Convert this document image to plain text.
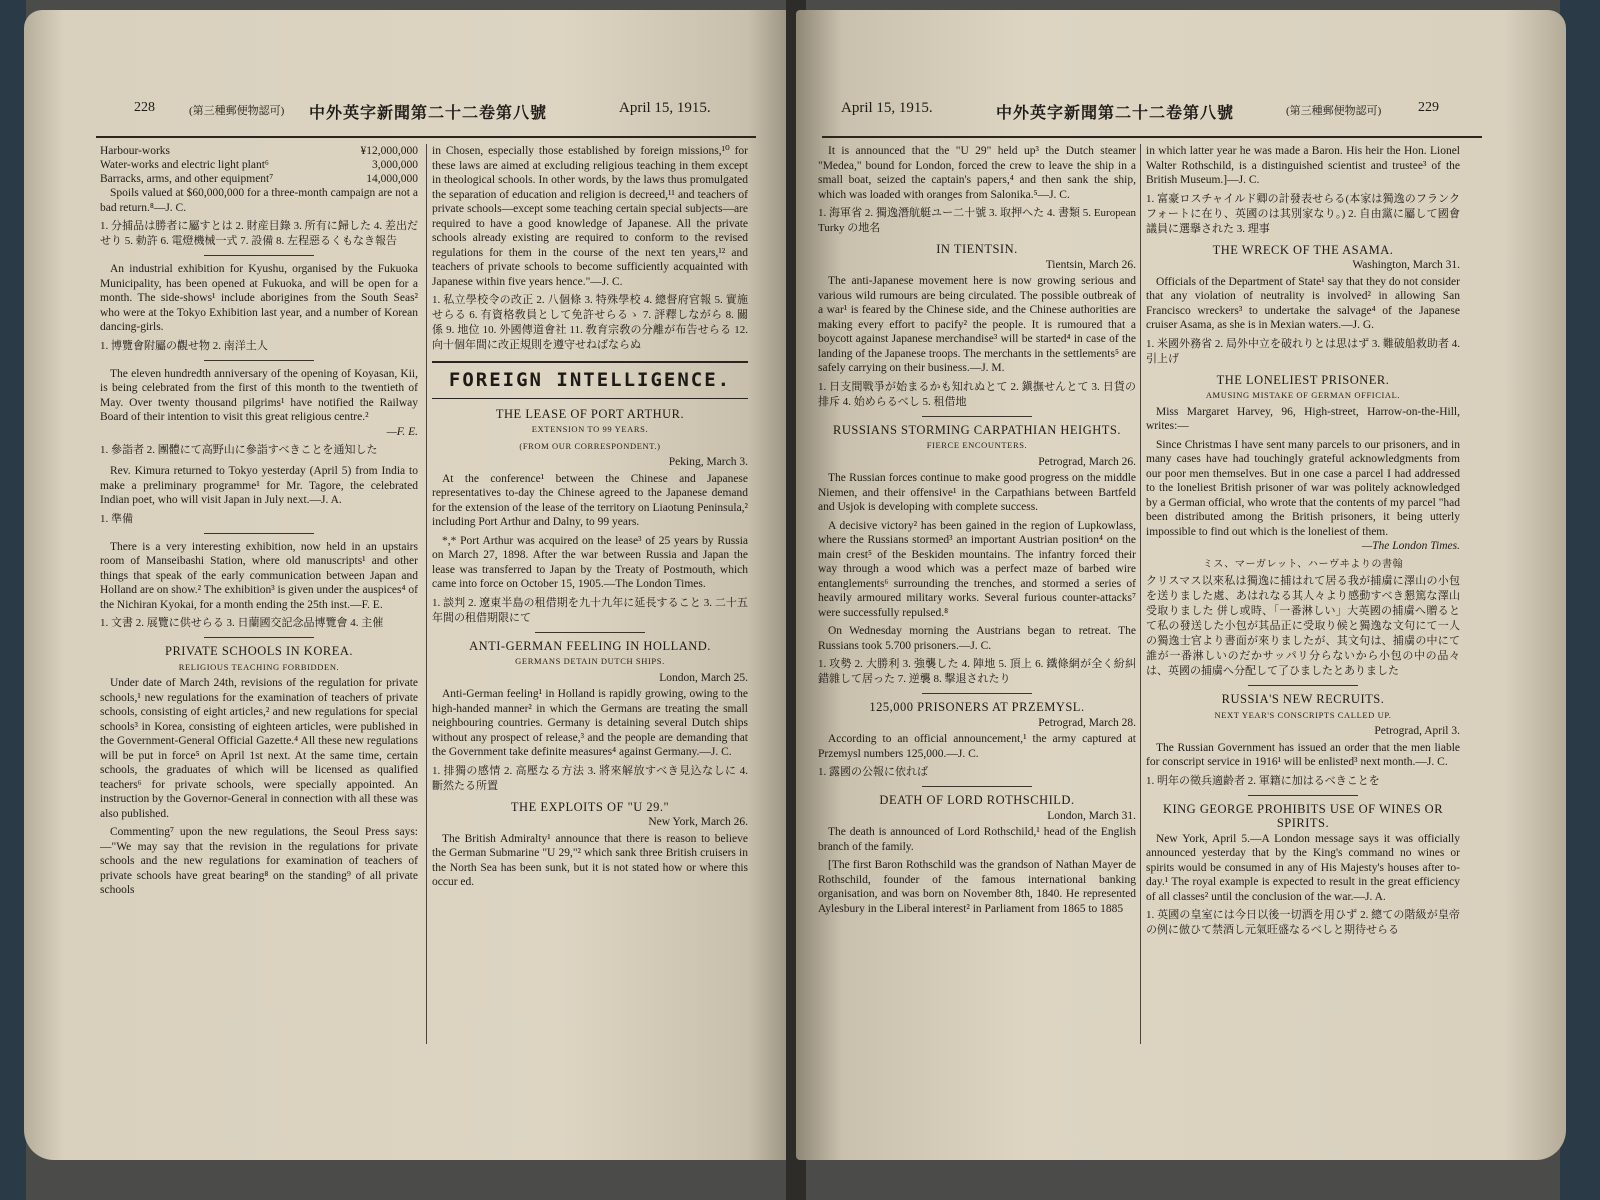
228	(第三種郵便物認可) 中外英字新聞第二十二卷第八號	April 15, 1915.
Harbour-works	¥12,000,000
Water-works and electric light plant⁶	3,000,000
Barracks, arms, and other equipment⁷	14,000,000

Spoils valued at $60,000,000 for a three-month campaign are not a bad return.⁸—J. C.

1. 分捕品は勝者に屬すとは 2. 財産目錄 3. 所有に歸した 4. 差出だせり 5. 勅許 6. 電燈機械一式 7. 設備 8. 左程惡るくもなき報告

An industrial exhibition for Kyushu, organised by the Fukuoka Municipality, has been opened at Fukuoka, and will be open for a month. The side-shows¹ include aborigines from the South Seas² who were at the Tokyo Exhibition last year, and a number of Korean dancing-girls.

1. 博覽會附屬の觀せ物 2. 南洋土人

The eleven hundredth anniversary of the opening of Koyasan, Kii, is being celebrated from the first of this month to the twentieth of May. Over twenty thousand pilgrims¹ have notified the Railway Board of their intention to visit this great religious centre.²

—F. E.

1. 參詣者 2. 團體にて高野山に參詣すべきことを通知した

Rev. Kimura returned to Tokyo yesterday (April 5) from India to make a preliminary programme¹ for Mr. Tagore, the celebrated Indian poet, who will visit Japan in July next.—J. A.

1. 準備

There is a very interesting exhibition, now held in an upstairs room of Manseibashi Station, where old manuscripts¹ and other things that speak of the early communication between Japan and Holland are on show.² The exhibition³ is given under the auspices⁴ of the Nichiran Kyokai, for a month ending the 25th inst.—F. E.

1. 文書 2. 展覽に供せらる 3. 日蘭國交記念品博覽會 4. 主催

PRIVATE SCHOOLS IN KOREA.
RELIGIOUS TEACHING FORBIDDEN.

Under date of March 24th, revisions of the regulation for private schools,¹ new regulations for the examination of teachers of private schools, consisting of eight articles,² and new regulations for special schools³ in Korea, consisting of eighteen articles, were published in the Government-General Official Gazette.⁴ All these new regulations will be put in force⁵ on April 1st next. At the same time, certain schools, the graduates of which will be licensed as qualified teachers⁶ for private schools, were specially appointed. An instruction by the Governor-General in connection with all these was also published.

Commenting⁷ upon the new regulations, the Seoul Press says:—"We may say that the revision in the regulations for private schools and the new regulations for examination of teachers of private schools have great bearing⁸ on the standing⁹ of all private schools

in Chosen, especially those established by foreign missions,¹⁰ for these laws are aimed at excluding religious teaching in them except in theological schools. In other words, by the laws thus promulgated the separation of education and religion is decreed,¹¹ and teachers of private schools—except some teaching certain special subjects—are required to have a good knowledge of Japanese. All the private schools already existing are required to conform to the revised regulations for them in the course of the next ten years,¹² and teachers of private schools to become sufficiently acquainted with Japanese within five years hence."—J. C.

1. 私立學校令の改正 2. 八個條 3. 特殊學校 4. 總督府官報 5. 實施せらる 6. 有資格敎員として免許せらるゝ 7. 評釋しながら 8. 關係 9. 地位 10. 外國傳道會社 11. 敎育宗敎の分離が布告せらる 12. 向十個年間に改正規則を遵守せねばならぬ

FOREIGN INTELLIGENCE.
THE LEASE OF PORT ARTHUR.
EXTENSION TO 99 YEARS.
(FROM OUR CORRESPONDENT.)
Peking, March 3.

At the conference¹ between the Chinese and Japanese representatives to-day the Chinese agreed to the Japanese demand for the extension of the lease of the territory on Liaotung Peninsula,² including Port Arthur and Dalny, to 99 years.

*,* Port Arthur was acquired on the lease³ of 25 years by Russia on March 27, 1898. After the war between Russia and Japan the lease was transferred to Japan by the Treaty of Postmouth, which came into force on October 15, 1905.—The London Times.

1. 談判 2. 遼東半島の租借期を九十九年に延長すること 3. 二十五年間の租借期限にて

ANTI-GERMAN FEELING IN HOLLAND.
GERMANS DETAIN DUTCH SHIPS.
London, March 25.

Anti-German feeling¹ in Holland is rapidly growing, owing to the high-handed manner² in which the Germans are treating the small neighbouring countries. Germany is detaining several Dutch ships without any prospect of release,³ and the people are demanding that the Government take definite measures⁴ against Germany.—J. C.

1. 排獨の感情 2. 高壓なる方法 3. 將來解放すべき見込なしに 4. 斷然たる所置

THE EXPLOITS OF "U 29."
New York, March 26.

The British Admiralty¹ announce that there is reason to believe the German Submarine "U 29,"² which sank three British cruisers in the North Sea has been sunk, but it is not stated how or where this occur ed.

April 15, 1915.	中外英字新聞第二十二卷第八號	(第三種郵便物認可)	229

It is announced that the "U 29" held up³ the Dutch steamer "Medea," bound for London, forced the crew to leave the ship in a small boat, seized the captain's papers,⁴ and then sank the ship, which was loaded with oranges from Salonika.⁵—J. C.

1. 海軍省 2. 獨逸潛航艇ユー二十號 3. 取押へた 4. 書類 5. European Turky の地名

IN TIENTSIN.
Tientsin, March 26.

The anti-Japanese movement here is now growing serious and various wild rumours are being circulated. The possible outbreak of a war¹ is feared by the Chinese side, and the Chinese authorities are making every effort to pacify² the people. It is rumoured that a boycott against Japanese merchandise³ will be started⁴ in case of the landing of the Japanese troops. The merchants in the settlements⁵ are safely carrying on their business.—J. M.

1. 日支間戰爭が始まるかも知れぬとて 2. 鎭撫せんとて 3. 日貨の排斥 4. 始めらるべし 5. 租借地

RUSSIANS STORMING CARPATHIAN HEIGHTS.
FIERCE ENCOUNTERS.
Petrograd, March 26.

The Russian forces continue to make good progress on the middle Niemen, and their offensive¹ in the Carpathians between Bartfeld and Usjok is developing with complete success.

A decisive victory² has been gained in the region of Lupkowlass, where the Russians stormed³ an important Austrian position⁴ on the main crest⁵ of the Beskiden mountains. The infantry forced their way through a wood which was a perfect maze of barbed wire entanglements⁶ surrounding the trenches, and stormed a series of heavily armoured military works. Several furious counter-attacks⁷ were successfully repulsed.⁸

On Wednesday morning the Austrians began to retreat. The Russians took 5.700 prisoners.—J. C.

1. 攻勢 2. 大勝利 3. 強襲した 4. 陣地 5. 頂上 6. 鐵條網が全く紛糾錯雜して居った 7. 逆襲 8. 擊退されたり

125,000 PRISONERS AT PRZEMYSL.
Petrograd, March 28.

According to an official announcement,¹ the army captured at Przemysl numbers 125,000.—J. C.

1. 露國の公報に依れば

DEATH OF LORD ROTHSCHILD.
London, March 31.

The death is announced of Lord Rothschild,¹ head of the English branch of the family.

[The first Baron Rothschild was the grandson of Nathan Mayer de Rothschild, founder of the famous international banking organisation, and was born on November 8th, 1840. He represented Aylesbury in the Liberal interest² in Parliament from 1865 to 1885

in which latter year he was made a Baron. His heir the Hon. Lionel Walter Rothschild, is a distinguished scientist and trustee³ of the British Museum.]—J. C.

1. 富豪ロスチャイルド卿の計發表せらる(本家は獨逸のフランクフォートに在り、英國のは其別家なり。) 2. 自由黨に屬して國會議員に選擧された 3. 理事

THE WRECK OF THE ASAMA.
Washington, March 31.

Officials of the Department of State¹ say that they do not consider that any violation of neutrality is involved² in allowing San Francisco wreckers³ to undertake the salvage⁴ of the Japanese cruiser Asama, as she is in Mexian waters.—J. G.

1. 米國外務省 2. 局外中立を破れりとは思はず 3. 難破船救助者 4. 引上げ

THE LONELIEST PRISONER.
AMUSING MISTAKE OF GERMAN OFFICIAL.

Miss Margaret Harvey, 96, High-street, Harrow-on-the-Hill, writes:—

Since Christmas I have sent many parcels to our prisoners, and in many cases have had touchingly grateful acknowledgments from our poor men themselves. But in one case a parcel I had addressed to the loneliest British prisoner of war was politely acknowledged by a German official, who wrote that the contents of my parcel "had been distributed among the British prisoners, it being utterly impossible to find out which is the loneliest of them.

—The London Times.
ミス、マーガレット、ハーヴヰよりの書翰

クリスマス以來私は獨逸に捕はれて居る我が捕虜に澤山の小包を送りました處、あはれなる其人々より感動すべき懇篤な澤山受取りました 併し或時、「一番淋しい」大英國の捕虜へ贈るとて私の發送した小包が其品正に受取り候と獨逸な文句にて一人の獨逸士官より書面が來りましたが、其文句は、捕虜の中にて誰が一番淋しいのだかサッパリ分らないから小包の中の品々は、英國の捕虜へ分配して了ひましたとありました

RUSSIA'S NEW RECRUITS.
NEXT YEAR'S CONSCRIPTS CALLED UP.
Petrograd, April 3.

The Russian Government has issued an order that the men liable for conscript service in 1916¹ will be enlisted³ next month.—J. C.

1. 明年の徵兵適齡者 2. 軍籍に加はるべきことを

KING GEORGE PROHIBITS USE OF WINES OR SPIRITS.

New York, April 5.—A London message says it was officially announced yesterday that by the King's command no wines or spirits would be consumed in any of His Majesty's houses after to-day.¹ The royal example is expected to result in the great efficiency of all classes² until the conclusion of the war.—J. A.

1. 英國の皇室には今日以後一切酒を用ひず 2. 總ての階級が皇帝の例に倣ひて禁酒し元氣旺盛なるべしと期待せらる
